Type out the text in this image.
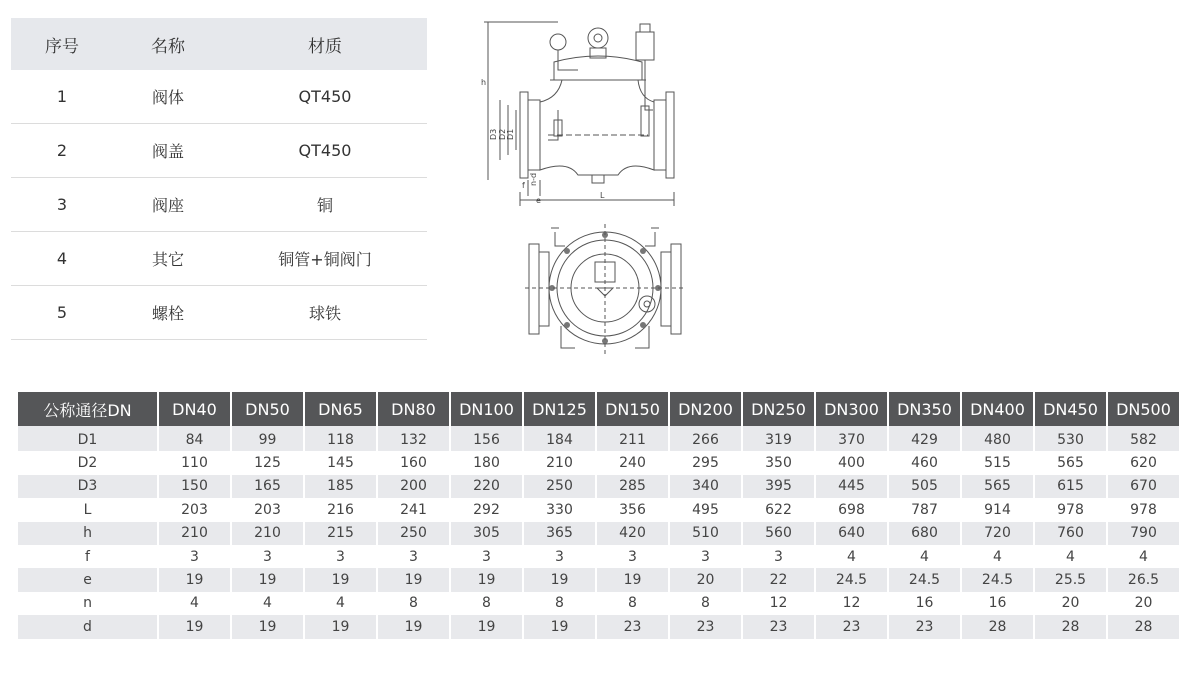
序号	名称	材质
1	阀体	QT450
2	阀盖	QT450
3	阀座	铜
4	其它	铜管+铜阀门
5	螺栓	球铁
h
D3 D2 D1
f n-d
e
L
公称通径DN	DN40	DN50	DN65	DN80	DN100	DN125	DN150	DN200	DN250	DN300	DN350	DN400	DN450	DN500
D1	84	99	118	132	156	184	211	266	319	370	429	480	530	582
D2	110	125	145	160	180	210	240	295	350	400	460	515	565	620
D3	150	165	185	200	220	250	285	340	395	445	505	565	615	670
L	203	203	216	241	292	330	356	495	622	698	787	914	978	978
h	210	210	215	250	305	365	420	510	560	640	680	720	760	790
f	3	3	3	3	3	3	3	3	3	4	4	4	4	4
e	19	19	19	19	19	19	19	20	22	24.5	24.5	24.5	25.5	26.5
n	4	4	4	8	8	8	8	8	12	12	16	16	20	20
d	19	19	19	19	19	19	23	23	23	23	23	28	28	28
